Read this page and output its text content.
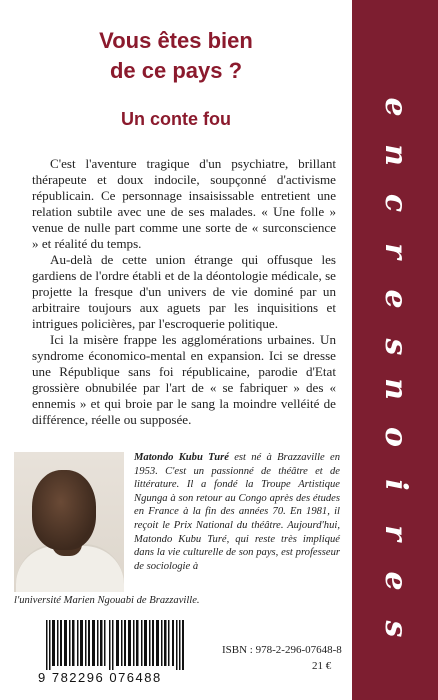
Vous êtes bien
de ce pays ?
Un conte fou

C'est l'aventure tragique d'un psychiatre, brillant thérapeute et doux indocile, soupçonné d'activisme républicain. Ce personnage insaisissable entretient une relation subtile avec une de ses malades. « Une folle » venue de nulle part comme une sorte de « surconscience » et réalité du temps.

Au-delà de cette union étrange qui offusque les gardiens de l'ordre établi et de la déontologie médicale, se projette la fresque d'un univers de vie dominé par un arbitraire toujours aux aguets par les inquisitions et intrigues policières, par l'escroquerie politique.

Ici la misère frappe les agglomérations urbaines. Un syndrome économico-mental en expansion. Ici se dresse une République sans foi républicaine, parodie d'Etat grossière obnubilée par l'art de « se fabriquer » des « ennemis » et qui broie par le sang la moindre velléité de différence, réelle ou supposée.

Matondo Kubu Turé est né à Brazzaville en 1953. C'est un passionné de théâtre et de littérature. Il a fondé la Troupe Artistique Ngunga à son retour au Congo après des études en France à la fin des années 70. En 1981, il reçoit le Prix National du théâtre. Aujourd'hui, Matondo Kubu Turé, qui reste très impliqué dans la vie culturelle de son pays, est professeur de sociologie à
l'université Marien Ngouabi de Brazzaville.
9 782296 076488
ISBN : 978-2-296-07648-8
21 €
e
n
c
r
e
s
n
o
i
r
e
s
